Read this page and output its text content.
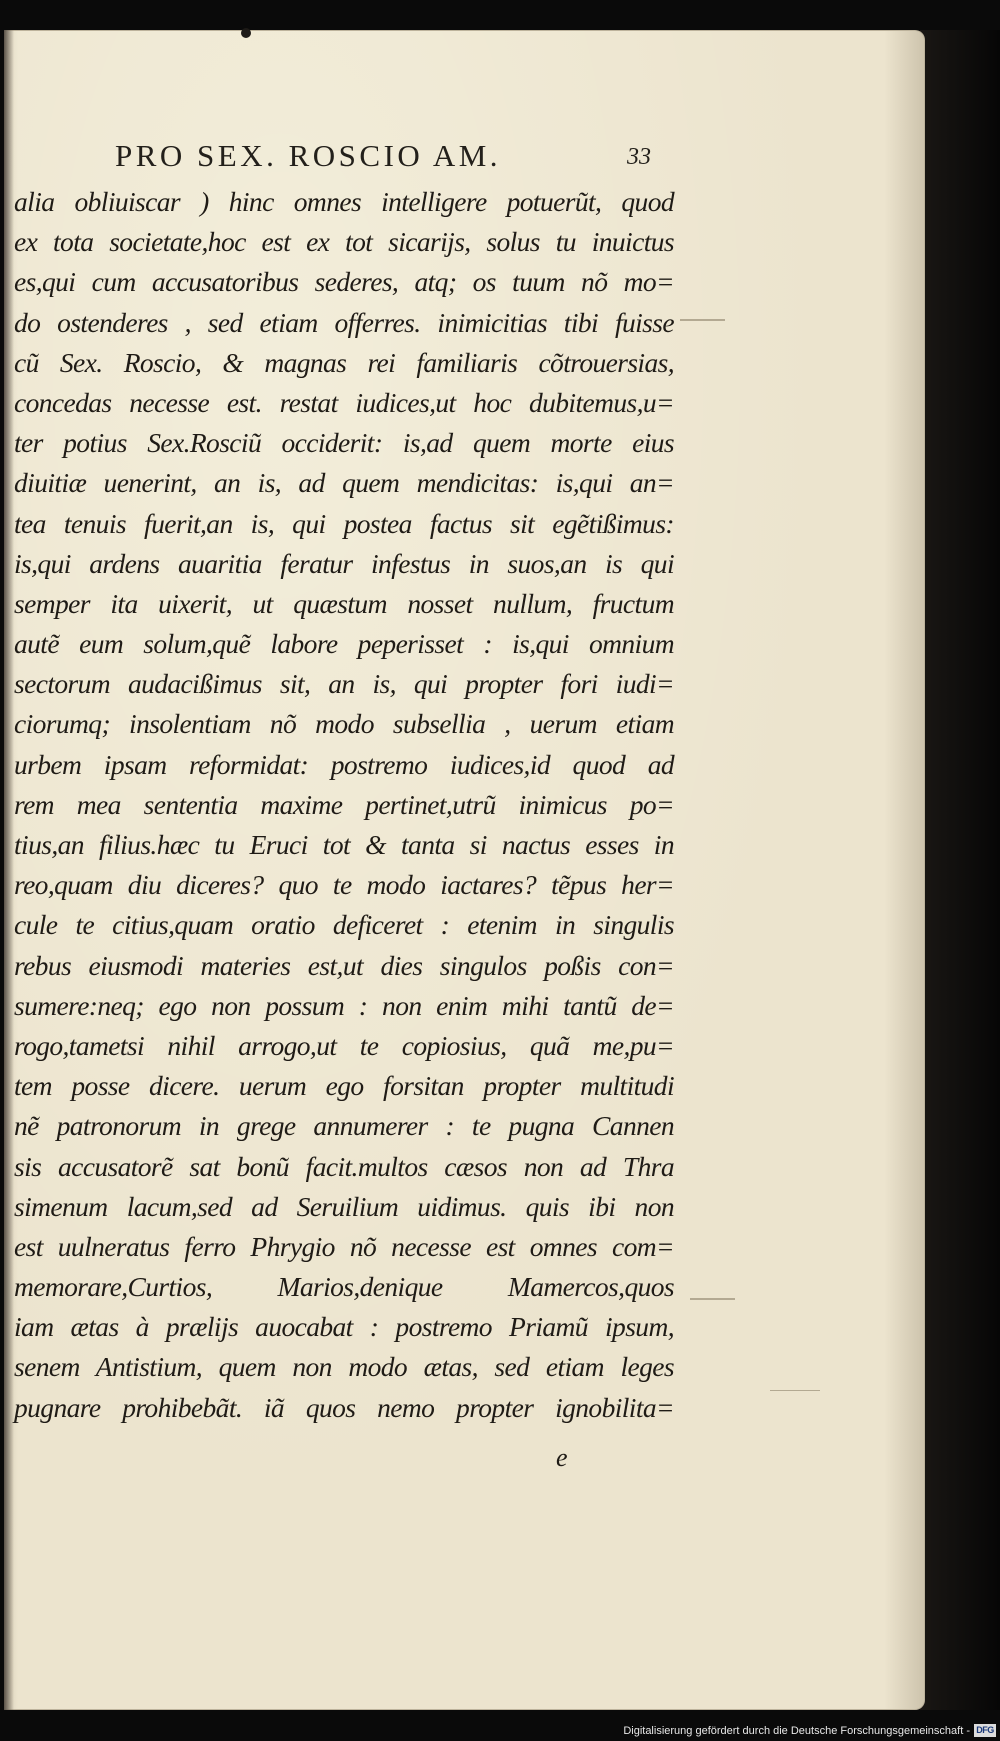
PRO SEX. ROSCIO AM.	33
alia obliuiscar ) hinc omnes intelligere potuerũt, quod
ex tota societate,hoc est ex tot sicarijs, solus tu inuictus
es,qui cum accusatoribus sederes, atq; os tuum nõ mo=
do ostenderes , sed etiam offerres. inimicitias tibi fuisse
cũ Sex. Roscio, & magnas rei familiaris cõtrouersias,
concedas necesse est. restat iudices,ut hoc dubitemus,u=
ter potius Sex.Rosciũ occiderit: is,ad quem morte eius
diuitiæ uenerint, an is, ad quem mendicitas: is,qui an=
tea tenuis fuerit,an is, qui postea factus sit egẽtißimus:
is,qui ardens auaritia feratur infestus in suos,an is qui
semper ita uixerit, ut quæstum nosset nullum, fructum
autẽ eum solum,quẽ labore peperisset : is,qui omnium
sectorum audacißimus sit, an is, qui propter fori iudi=
ciorumq; insolentiam nõ modo subsellia , uerum etiam
urbem ipsam reformidat: postremo iudices,id quod ad
rem mea sententia maxime pertinet,utrũ inimicus po=
tius,an filius.hæc tu Eruci tot & tanta si nactus esses in
reo,quam diu diceres? quo te modo iactares? tẽpus her=
cule te citius,quam oratio deficeret : etenim in singulis
rebus eiusmodi materies est,ut dies singulos poßis con=
sumere:neq; ego non possum : non enim mihi tantũ de=
rogo,tametsi nihil arrogo,ut te copiosius, quã me,pu=
tem posse dicere. uerum ego forsitan propter multitudi
nẽ patronorum in grege annumerer : te pugna Cannen
sis accusatorẽ sat bonũ facit.multos cæsos non ad Thra
simenum lacum,sed ad Seruilium uidimus. quis ibi non
est uulneratus ferro Phrygio nõ necesse est omnes com=
memorare,Curtios, Marios,denique Mamercos,quos
iam ætas à prælijs auocabat : postremo Priamũ ipsum,
senem Antistium, quem non modo ætas, sed etiam leges
pugnare prohibebãt. iã quos nemo propter ignobilita=
e
Digitalisierung gefördert durch die Deutsche Forschungsgemeinschaft - DFG
